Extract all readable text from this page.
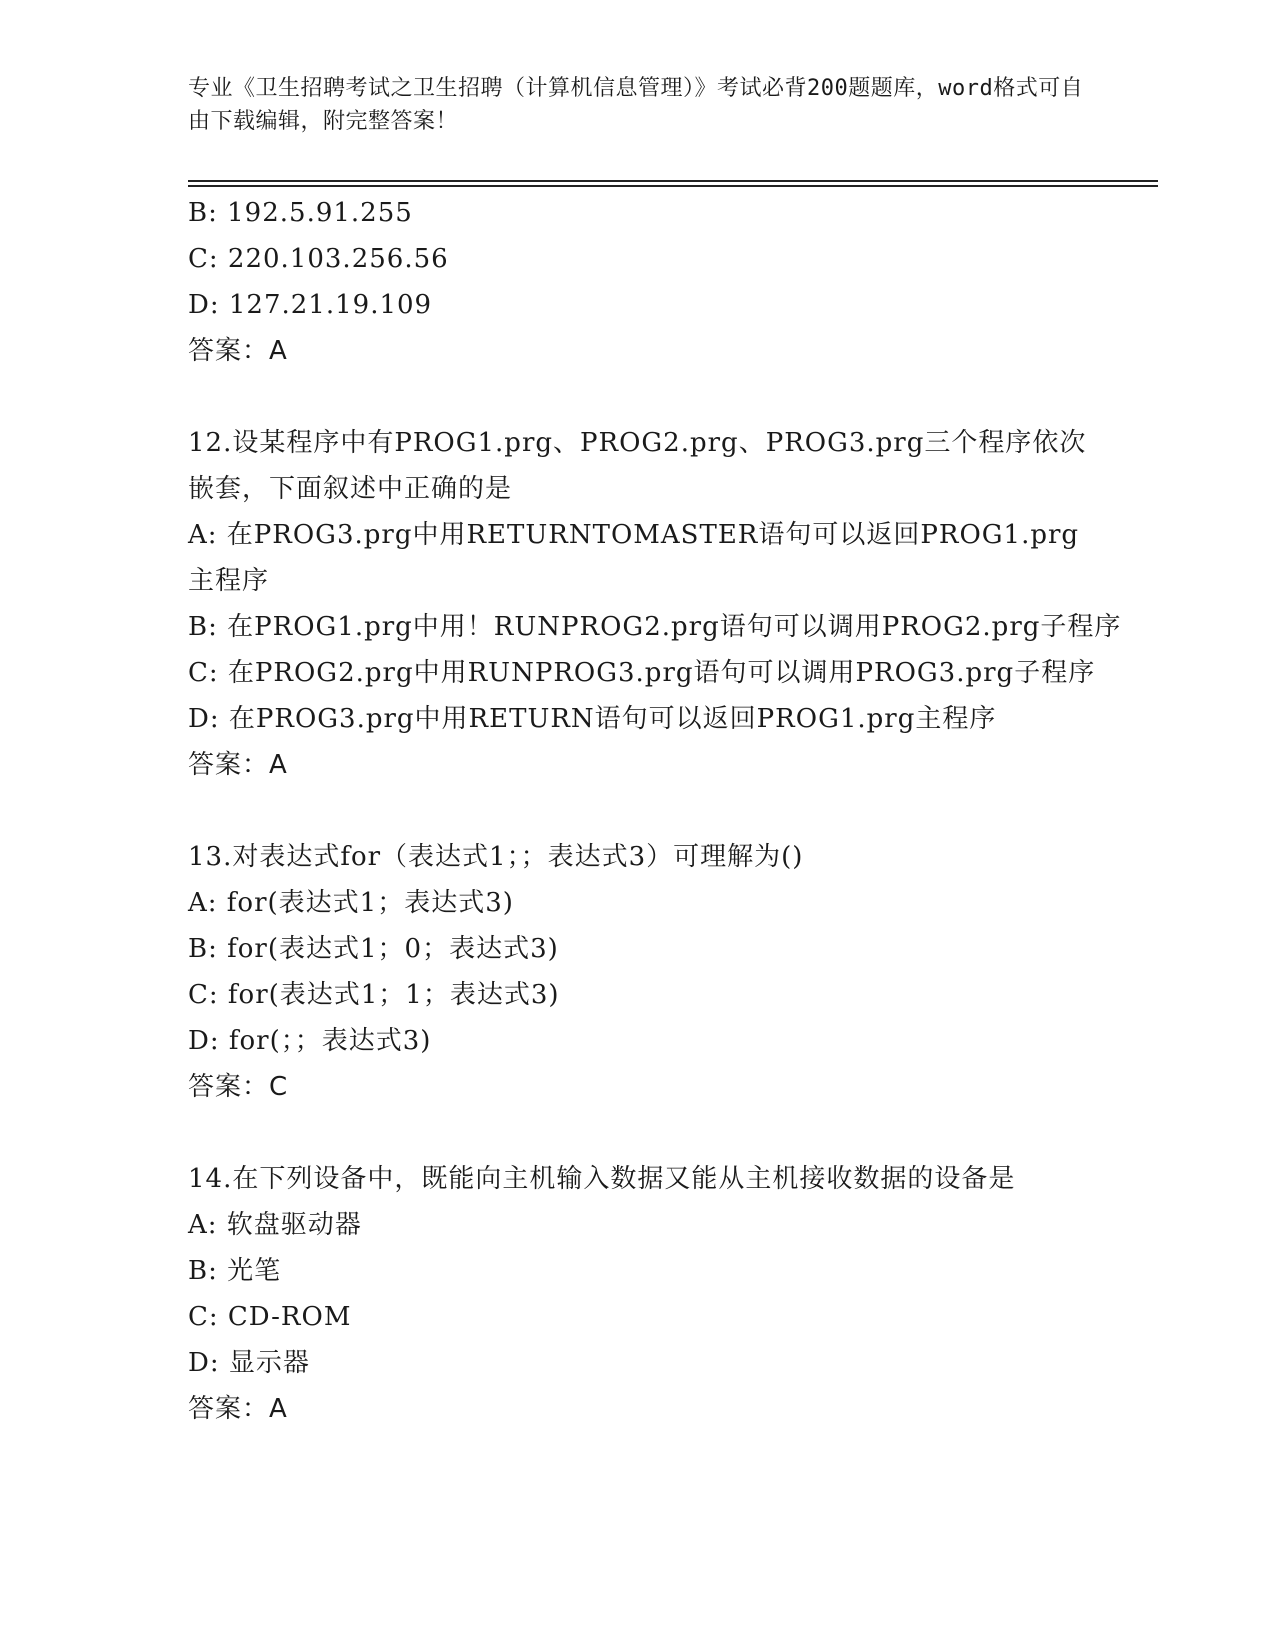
专业《卫生招聘考试之卫生招聘（计算机信息管理）》考试必背200题题库，word格式可自由下载编辑，附完整答案！
B: 192.5.91.255
C: 220.103.256.56
D: 127.21.19.109
答案：A
12.设某程序中有PROG1.prg、PROG2.prg、PROG3.prg三个程序依次嵌套，下面叙述中正确的是
A: 在PROG3.prg中用RETURNTOMASTER语句可以返回PROG1.prg主程序
B: 在PROG1.prg中用！RUNPROG2.prg语句可以调用PROG2.prg子程序
C: 在PROG2.prg中用RUNPROG3.prg语句可以调用PROG3.prg子程序
D: 在PROG3.prg中用RETURN语句可以返回PROG1.prg主程序
答案：A
13.对表达式for（表达式1；；表达式3）可理解为()
A: for(表达式1；表达式3)
B: for(表达式1；0；表达式3)
C: for(表达式1；1；表达式3)
D: for(；；表达式3)
答案：C
14.在下列设备中，既能向主机输入数据又能从主机接收数据的设备是
A: 软盘驱动器
B: 光笔
C: CD-ROM
D: 显示器
答案：A
